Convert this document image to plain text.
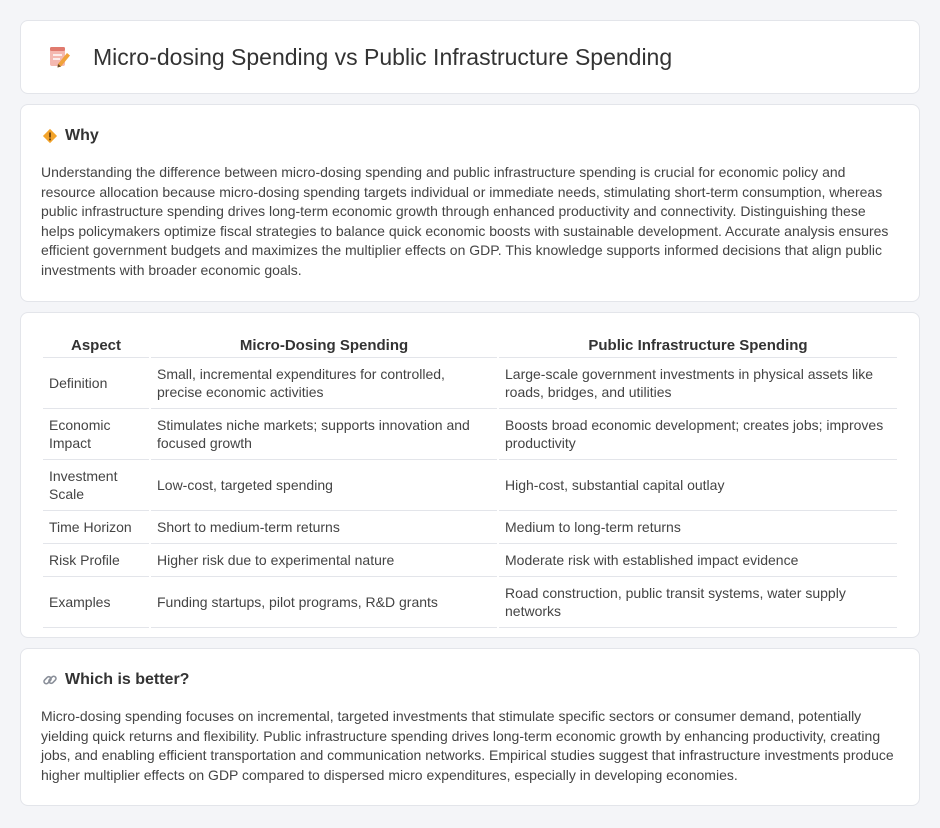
Micro-dosing Spending vs Public Infrastructure Spending
Why

Understanding the difference between micro-dosing spending and public infrastructure spending is crucial for economic policy and resource allocation because micro-dosing spending targets individual or immediate needs, stimulating short-term consumption, whereas public infrastructure spending drives long-term economic growth through enhanced productivity and connectivity. Distinguishing these helps policymakers optimize fiscal strategies to balance quick economic boosts with sustainable development. Accurate analysis ensures efficient government budgets and maximizes the multiplier effects on GDP. This knowledge supports informed decisions that align public investments with broader economic goals.

Aspect	Micro-Dosing Spending	Public Infrastructure Spending
Definition	Small, incremental expenditures for controlled, precise economic activities	Large-scale government investments in physical assets like roads, bridges, and utilities
Economic Impact	Stimulates niche markets; supports innovation and focused growth	Boosts broad economic development; creates jobs; improves productivity
Investment Scale	Low-cost, targeted spending	High-cost, substantial capital outlay
Time Horizon	Short to medium-term returns	Medium to long-term returns
Risk Profile	Higher risk due to experimental nature	Moderate risk with established impact evidence
Examples	Funding startups, pilot programs, R&D grants	Road construction, public transit systems, water supply networks
Which is better?

Micro-dosing spending focuses on incremental, targeted investments that stimulate specific sectors or consumer demand, potentially yielding quick returns and flexibility. Public infrastructure spending drives long-term economic growth by enhancing productivity, creating jobs, and enabling efficient transportation and communication networks. Empirical studies suggest that infrastructure investments produce higher multiplier effects on GDP compared to dispersed micro expenditures, especially in developing economies.
